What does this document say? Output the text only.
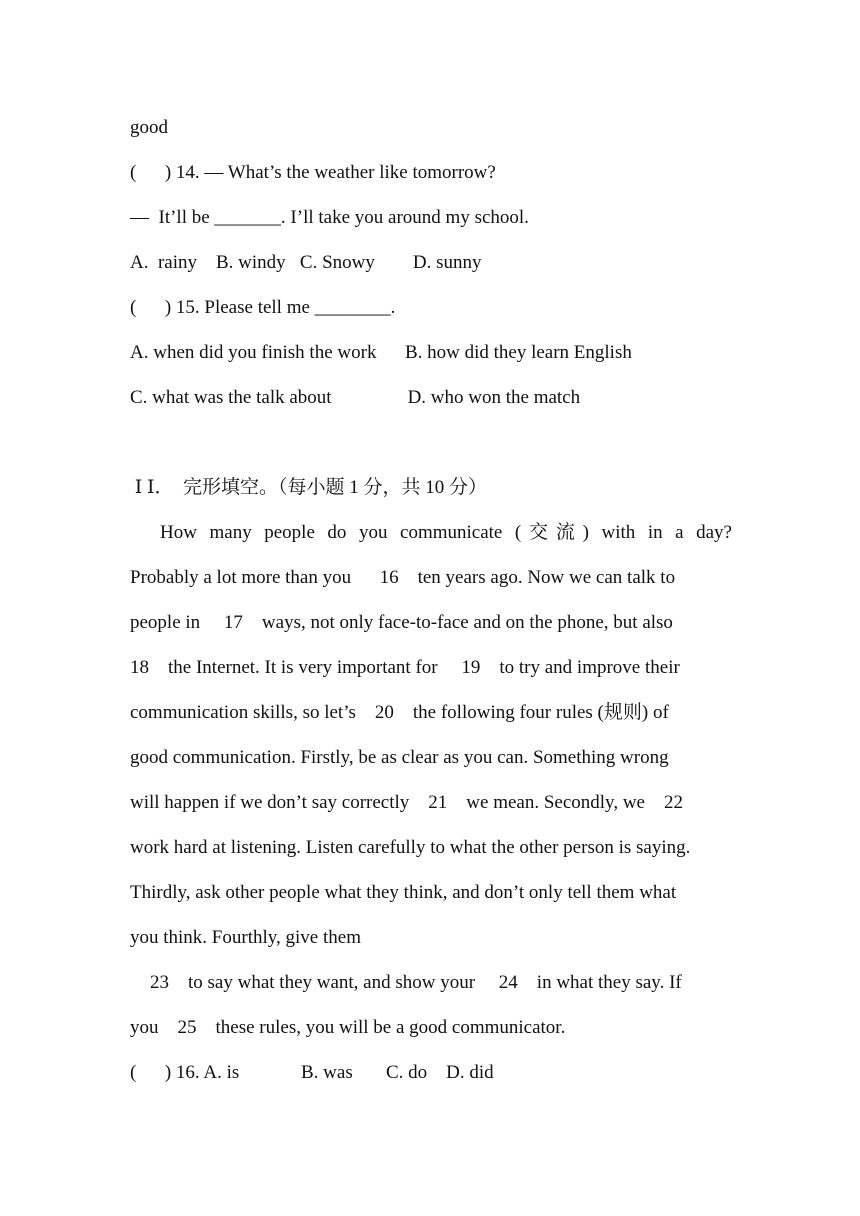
good
(      ) 14. — What’s the weather like tomorrow?
—  It’ll be _______. I’ll take you around my school.
A.  rainy    B. windy   C. Snowy        D. sunny
(      ) 15. Please tell me ________.
A. when did you finish the work      B. how did they learn English
C. what was the talk about                D. who won the match
Ⅰ Ⅰ．  完形填空。（每小题 1 分，共 10 分）
How many people do you communicate (交流) with in a day?
Probably a lot more than you      16    ten years ago. Now we can talk to
people in     17    ways, not only face-to-face and on the phone, but also
18    the Internet. It is very important for     19    to try and improve their
communication skills, so let’s    20    the following four rules (规则) of
good communication. Firstly, be as clear as you can. Something wrong
will happen if we don’t say correctly    21    we mean. Secondly, we    22
work hard at listening. Listen carefully to what the other person is saying.
Thirdly, ask other people what they think, and don’t only tell them what
you think. Fourthly, give them
23    to say what they want, and show your     24    in what they say. If
you    25    these rules, you will be a good communicator.
(      ) 16. A. is             B. was       C. do    D. did
